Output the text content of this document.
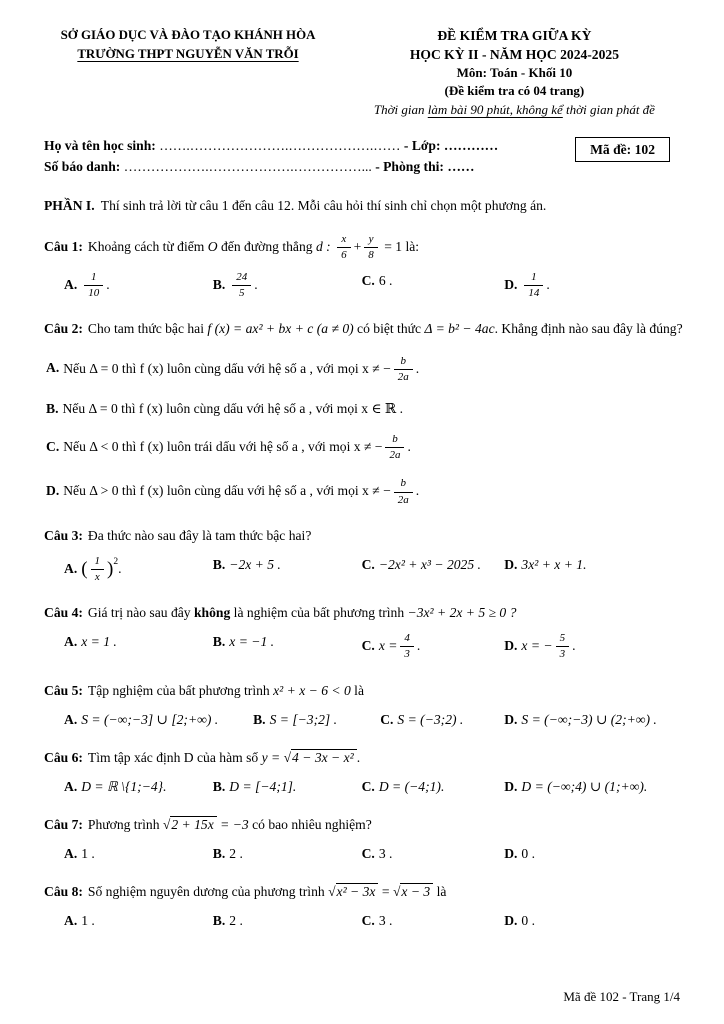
SỞ GIÁO DỤC VÀ ĐÀO TẠO KHÁNH HÒA
TRƯỜNG THPT NGUYỄN VĂN TRỖI
ĐỀ KIỂM TRA GIỮA KỲ
HỌC KỲ II - NĂM HỌC 2024-2025
Môn: Toán - Khối 10
(Đề kiểm tra có 04 trang)
Thời gian làm bài 90 phút, không kể thời gian phát đề

Họ và tên học sinh: …….………………….……………….…… - Lớp: …………

Số báo danh: ……………….……………….……………... - Phòng thi: ……

Mã đề: 102

PHẦN I. Thí sinh trả lời từ câu 1 đến câu 12. Mỗi câu hỏi thí sinh chỉ chọn một phương án.

Câu 1: Khoảng cách từ điểm O đến đường thẳng d : $\frac{x}{6} + \frac{y}{8} = 1$ là:

A. $\frac{1}{10}$ .	B. $\frac{24}{5}$ .	C. 6 .	D. $\frac{1}{14}$ .

Câu 2: Cho tam thức bậc hai f (x) = ax² + bx + c (a ≠ 0) có biệt thức Δ = b² − 4ac. Khẳng định nào sau đây là đúng?

A. Nếu Δ = 0 thì f (x) luôn cùng dấu với hệ số a , với mọi x ≠ − $\frac{b}{2a}$ .

B. Nếu Δ = 0 thì f (x) luôn cùng dấu với hệ số a , với mọi x ∈ ℝ .

C. Nếu Δ < 0 thì f (x) luôn trái dấu với hệ số a , với mọi x ≠ − $\frac{b}{2a}$ .

D. Nếu Δ > 0 thì f (x) luôn cùng dấu với hệ số a , với mọi x ≠ − $\frac{b}{2a}$ .

Câu 3: Đa thức nào sau đây là tam thức bậc hai?

A. ( $\frac{1}{x} )^2$.	B. −2x + 5 .	C. −2x² + x³ − 2025 .	D. 3x² + x + 1.

Câu 4: Giá trị nào sau đây không là nghiệm của bất phương trình −3x² + 2x + 5 ≥ 0 ?

A. x = 1 .	B. x = −1 .	C. $x = \frac{4}{3}$ .	D. x = − $\frac{5}{3}$ .

Câu 5: Tập nghiệm của bất phương trình x² + x − 6 < 0 là

A. S = (−∞;−3] ∪ [2;+∞) .	B. S = [−3;2] .	C. S = (−3;2) .	D. S = (−∞;−3) ∪ (2;+∞) .

Câu 6: Tìm tập xác định D của hàm số y = √4 − 3x − x² .

A. D = ℝ \{1;−4}.	B. D = [−4;1].	C. D = (−4;1).	D. D = (−∞;4) ∪ (1;+∞).

Câu 7: Phương trình √2 + 15x = −3 có bao nhiêu nghiệm?

A. 1 .	B. 2 .	C. 3 .	D. 0 .

Câu 8: Số nghiệm nguyên dương của phương trình √x² − 3x = √x − 3 là

A. 1 .	B. 2 .	C. 3 .	D. 0 .
Mã đề 102 - Trang 1/4
